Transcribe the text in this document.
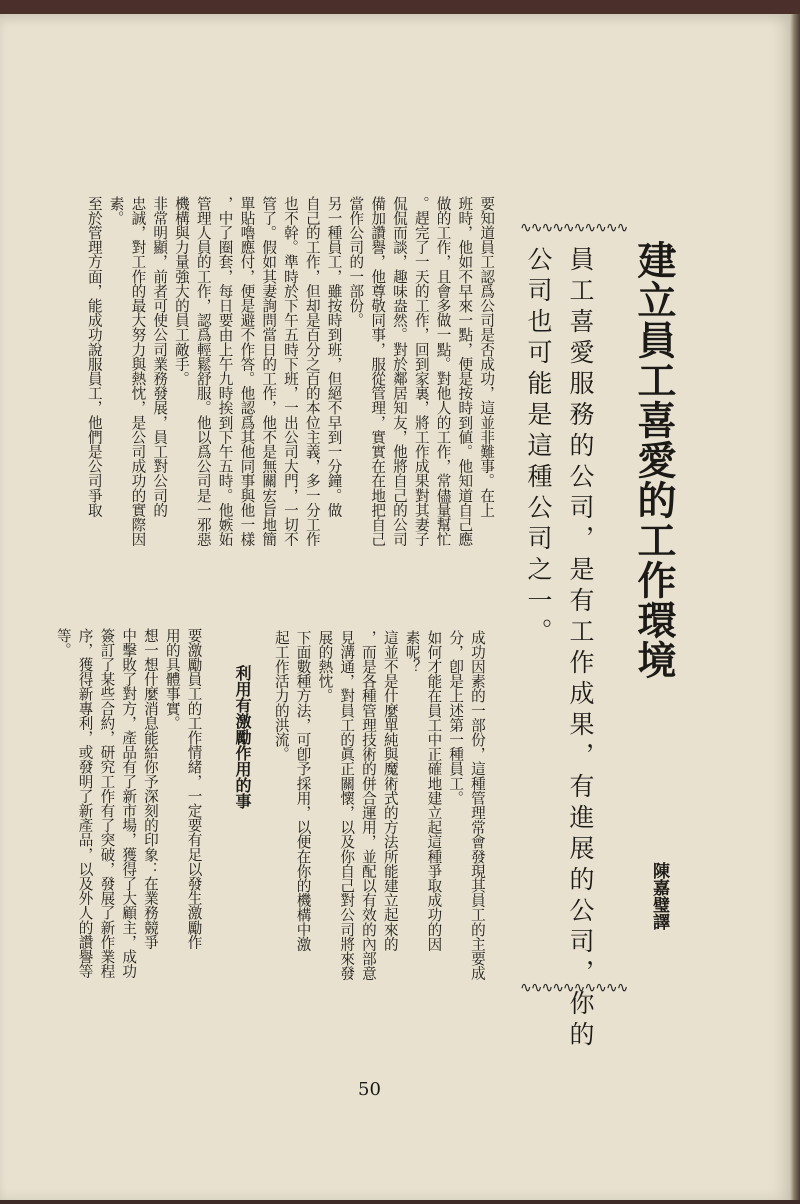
建立員工喜愛的工作環境
陳嘉璧譯
∿∿∿∿∿∿∿∿∿∿
∿∿∿∿∿∿∿∿∿∿
員工喜愛服務的公司，是有工作成果，有進展的公司，你的
公司也可能是這種公司之一。
要知道員工認爲公司是否成功，這並非難事。在上
班時，他如不早來一點，便是按時到値。他知道自己應
做的工作，且會多做一點。對他人的工作，常儘量幫忙
。趕完了一天的工作，回到家裏，將工作成果對其妻子
侃侃而談，趣味盎然。對於鄰居知友，他將自己的公司
備加讚譽，他尊敬同事，服從管理，實實在在地把自己
當作公司的一部份。
另一種員工，雖按時到班，但絕不早到一分鐘。做
自己的工作，但却是百分之百的本位主義，多一分工作
也不幹。準時於下午五時下班，一出公司大門，一切不
管了。假如其妻詢問當日的工作，他不是無關宏旨地簡
單貼嚕應付，便是避不作答。他認爲其他同事與他一樣
，中了圈套，每日要由上午九時挨到下午五時。他嫉妬
管理人員的工作，認爲輕鬆舒服。他以爲公司是一邪惡
機構與力量強大的員工敵手。
非常明顯，前者可使公司業務發展，員工對公司的
忠誠，對工作的最大努力與熱忱，是公司成功的實際因
素。
至於管理方面，能成功說服員工，他們是公司爭取
成功因素的一部份，這種管理常會發現其員工的主要成
分，卽是上述第一種員工。
如何才能在員工中正確地建立起這種爭取成功的因
素呢？
這並不是什麼單純與魔術式的方法所能建立起來的
，而是各種管理技術的併合運用，並配以有效的內部意
見溝通，對員工的眞正關懷，以及你自己對公司將來發
展的熱忱。
下面數種方法，可卽予採用，以便在你的機構中激
起工作活力的洪流。
利用有激勵作用的事
要激勵員工的工作情緒，一定要有足以發生激勵作
用的具體事實。
想一想什麼消息能給你予深刻的印象：在業務競爭
中擊敗了對方，產品有了新市場，獲得了大顧主，成功
簽訂了某些合約，研究工作有了突破，發展了新作業程
序，獲得新專利，或發明了新產品，以及外人的讚譽等
等。
50
